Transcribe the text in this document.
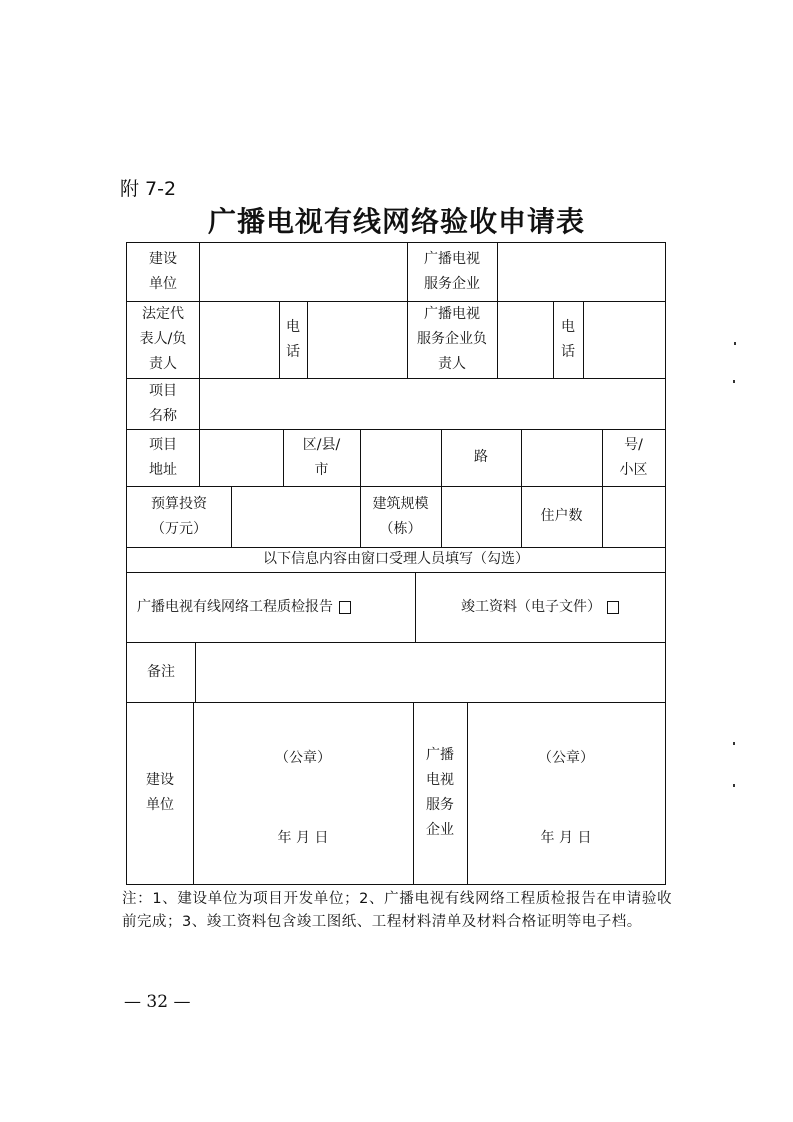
附 7-2
广播电视有线网络验收申请表
建设
单位
广播电视
服务企业
法定代
表人/负
责人
电
话
广播电视
服务企业负
责人
电
话
项目
名称
项目
地址
区/县/
市
路
号/
小区
预算投资
（万元）
建筑规模
（栋）
住户数
以下信息内容由窗口受理人员填写（勾选）
广播电视有线网络工程质检报告	竣工资料（电子文件）
备注
建设
单位
（公章）
年 月 日
广播
电视
服务
企业
（公章）
年 月 日
注：1、建设单位为项目开发单位；2、广播电视有线网络工程质检报告在申请验收前完成；3、竣工资料包含竣工图纸、工程材料清单及材料合格证明等电子档。
— 32 —
